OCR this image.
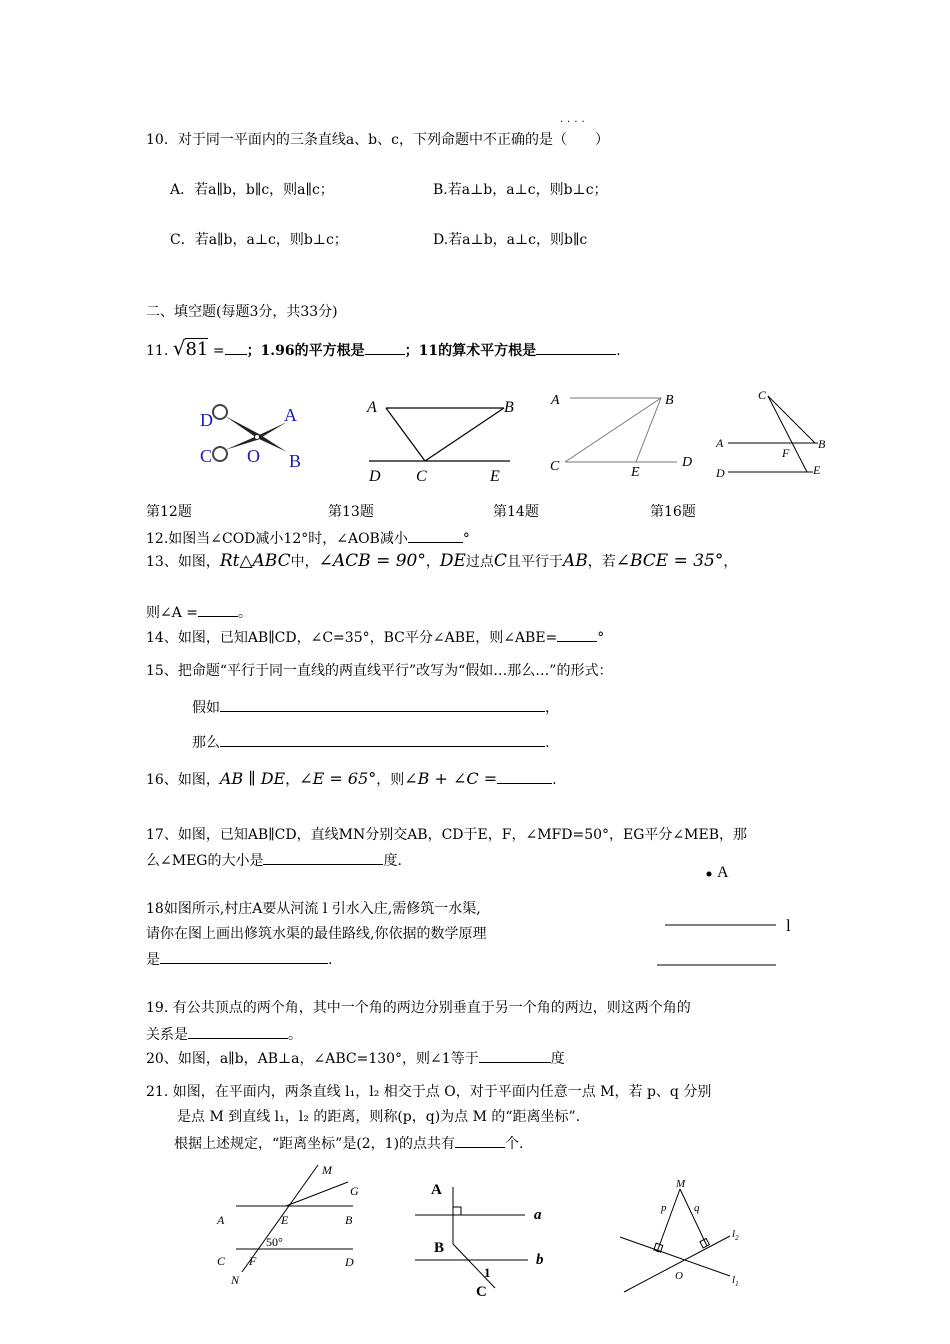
····
10．对于同一平面内的三条直线a、b、c，下列命题中不正确的是（　　）
A．若a∥b，b∥c，则a∥c；	B.若a⊥b，a⊥c，则b⊥c；
C．若a∥b，a⊥c，则b⊥c；	D.若a⊥b，a⊥c，则b∥c
二、填空题(每题3分，共33分)
11. √81 = ；1.96的平方根是	；11的算术平方根是	.
D	A
C O B
A	B
D C	E
A	B
C	E
D
C
A	B
F
D	E
第12题	第13题	第14题	第16题
12.如图当∠COD减小12°时，∠AOB减小	°
13、如图，Rt△ABC中，∠ACB = 90°，DE过点C且平行于AB，若∠BCE = 35°，
则∠A =	。
14、如图，已知AB∥CD，∠C=35°，BC平分∠ABE，则∠ABE=	°
15、把命题“平行于同一直线的两直线平行”改写为“假如…那么…”的形式：
假如	，
那么	.
16、如图，AB ∥ DE，∠E = 65°，则∠B + ∠C =	.
17、如图，已知AB∥CD，直线MN分别交AB，CD于E，F，∠MFD=50°，EG平分∠MEB，那
么∠MEG的大小是	度.
18如图所示,村庄A要从河流 l 引水入庄,需修筑一水渠,
请你在图上画出修筑水渠的最佳路线,你依据的数学原理
是	.
A
l
19. 有公共顶点的两个角，其中一个角的两边分别垂直于另一个角的两边，则这两个角的
关系是	。
20、如图，a∥b，AB⊥a，∠ABC=130°，则∠1等于	度
21. 如图，在平面内，两条直线 l₁，l₂ 相交于点 O，对于平面内任意一点 M，若 p、q 分别
是点 M 到直线 l₁，l₂ 的距离，则称(p，q)为点 M 的“距离坐标”．
根据上述规定，“距离坐标”是(2，1)的点共有	个.
M
G
A	E	B
50°
C F	D
N
A
a
B
b
1
C
M
p	q
$l_2$
O	$l_1$
